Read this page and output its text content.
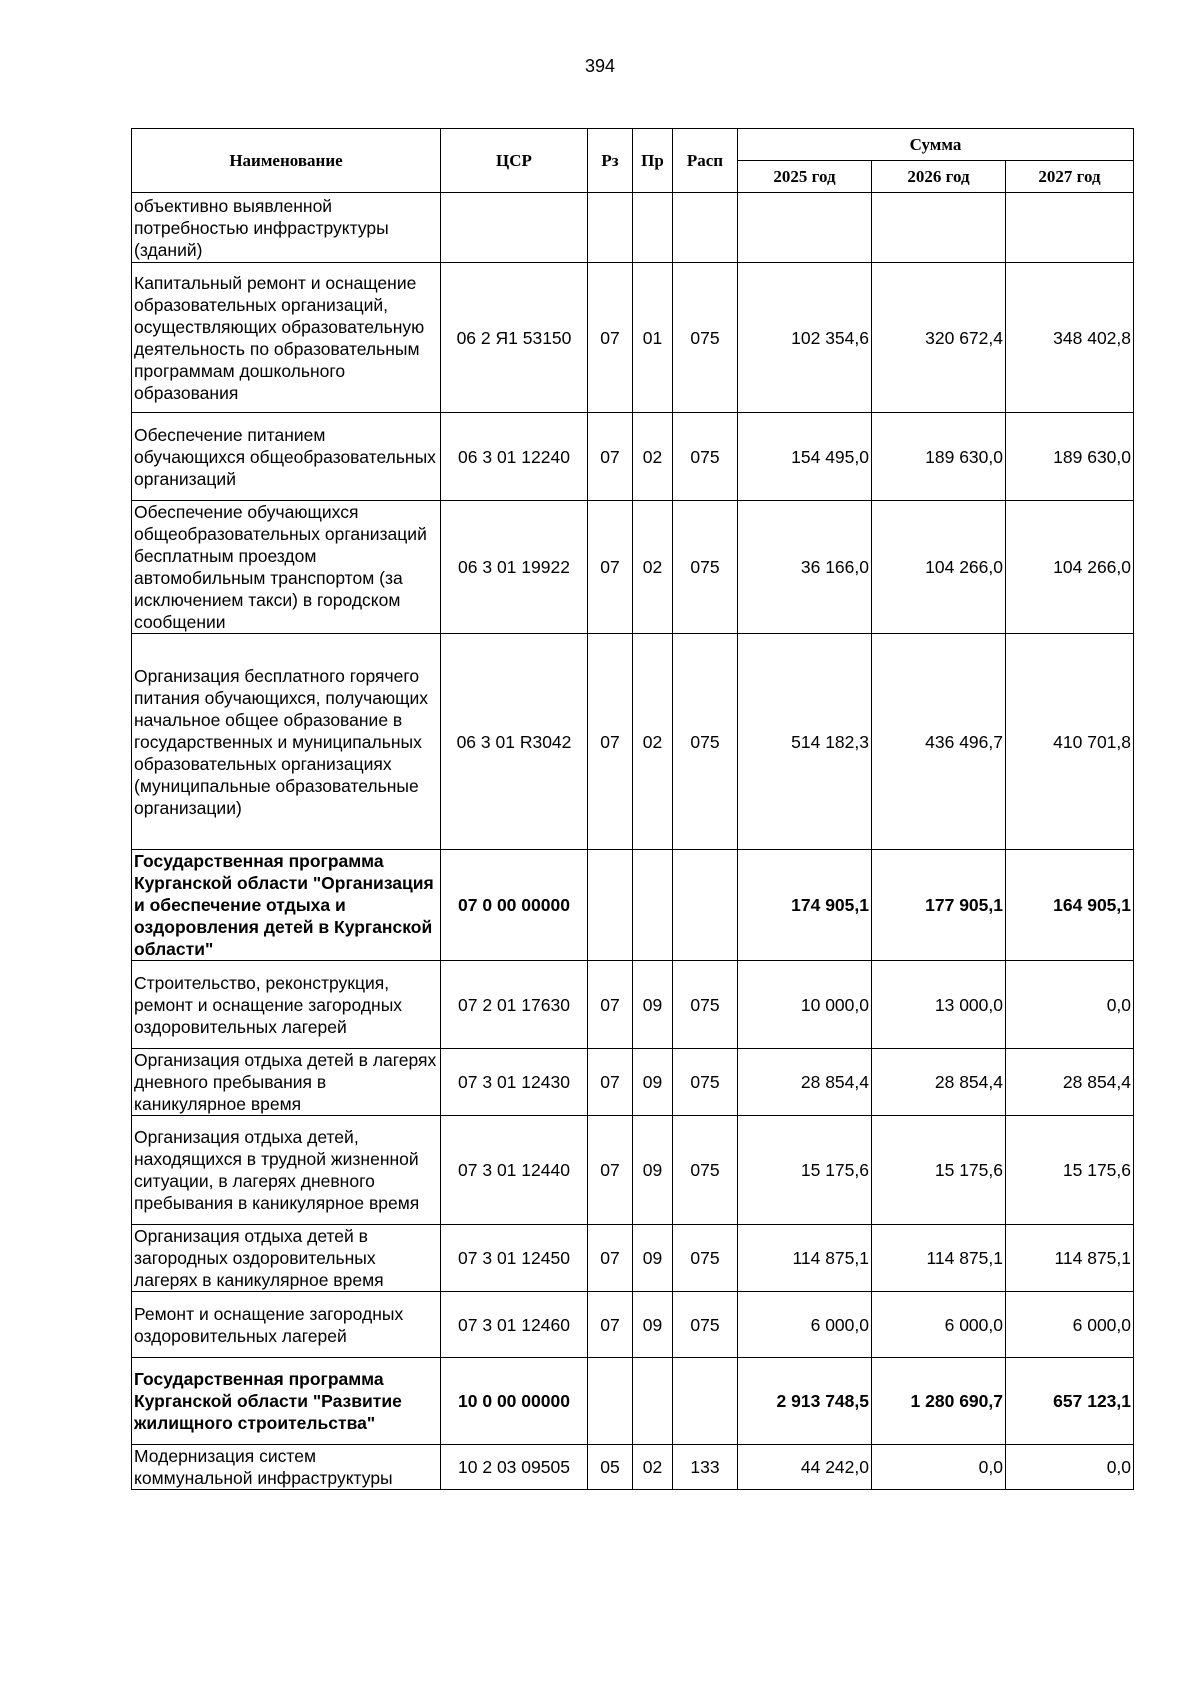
394
Наименование	ЦСР	Рз	Пр	Расп	Сумма		
					2025 год	2026 год	2027 год
объективно выявленной потребностью инфраструктуры (зданий)							
Капитальный ремонт и оснащение образовательных организаций, осуществляющих образовательную деятельность по образовательным программам дошкольного образования	06 2 Я1 53150	07	01	075	102 354,6	320 672,4	348 402,8
Обеспечение питанием обучающихся общеобразовательных организаций	06 3 01 12240	07	02	075	154 495,0	189 630,0	189 630,0
Обеспечение обучающихся общеобразовательных организаций бесплатным проездом автомобильным транспортом (за исключением такси) в городском сообщении	06 3 01 19922	07	02	075	36 166,0	104 266,0	104 266,0
Организация бесплатного горячего питания обучающихся, получающих начальное общее образование в государственных и муниципальных образовательных организациях (муниципальные образовательные организации)	06 3 01 R3042	07	02	075	514 182,3	436 496,7	410 701,8
Государственная программа Курганской области "Организация и обеспечение отдыха и оздоровления детей в Курганской области"	07 0 00 00000				174 905,1	177 905,1	164 905,1
Строительство, реконструкция, ремонт и оснащение загородных оздоровительных лагерей	07 2 01 17630	07	09	075	10 000,0	13 000,0	0,0
Организация отдыха детей в лагерях дневного пребывания в каникулярное время	07 3 01 12430	07	09	075	28 854,4	28 854,4	28 854,4
Организация отдыха детей, находящихся в трудной жизненной ситуации, в лагерях дневного пребывания в каникулярное время	07 3 01 12440	07	09	075	15 175,6	15 175,6	15 175,6
Организация отдыха детей в загородных оздоровительных лагерях в каникулярное время	07 3 01 12450	07	09	075	114 875,1	114 875,1	114 875,1
Ремонт и оснащение загородных оздоровительных лагерей	07 3 01 12460	07	09	075	6 000,0	6 000,0	6 000,0
Государственная программа Курганской области "Развитие жилищного строительства"	10 0 00 00000				2 913 748,5	1 280 690,7	657 123,1
Модернизация систем коммунальной инфраструктуры	10 2 03 09505	05	02	133	44 242,0	0,0	0,0
